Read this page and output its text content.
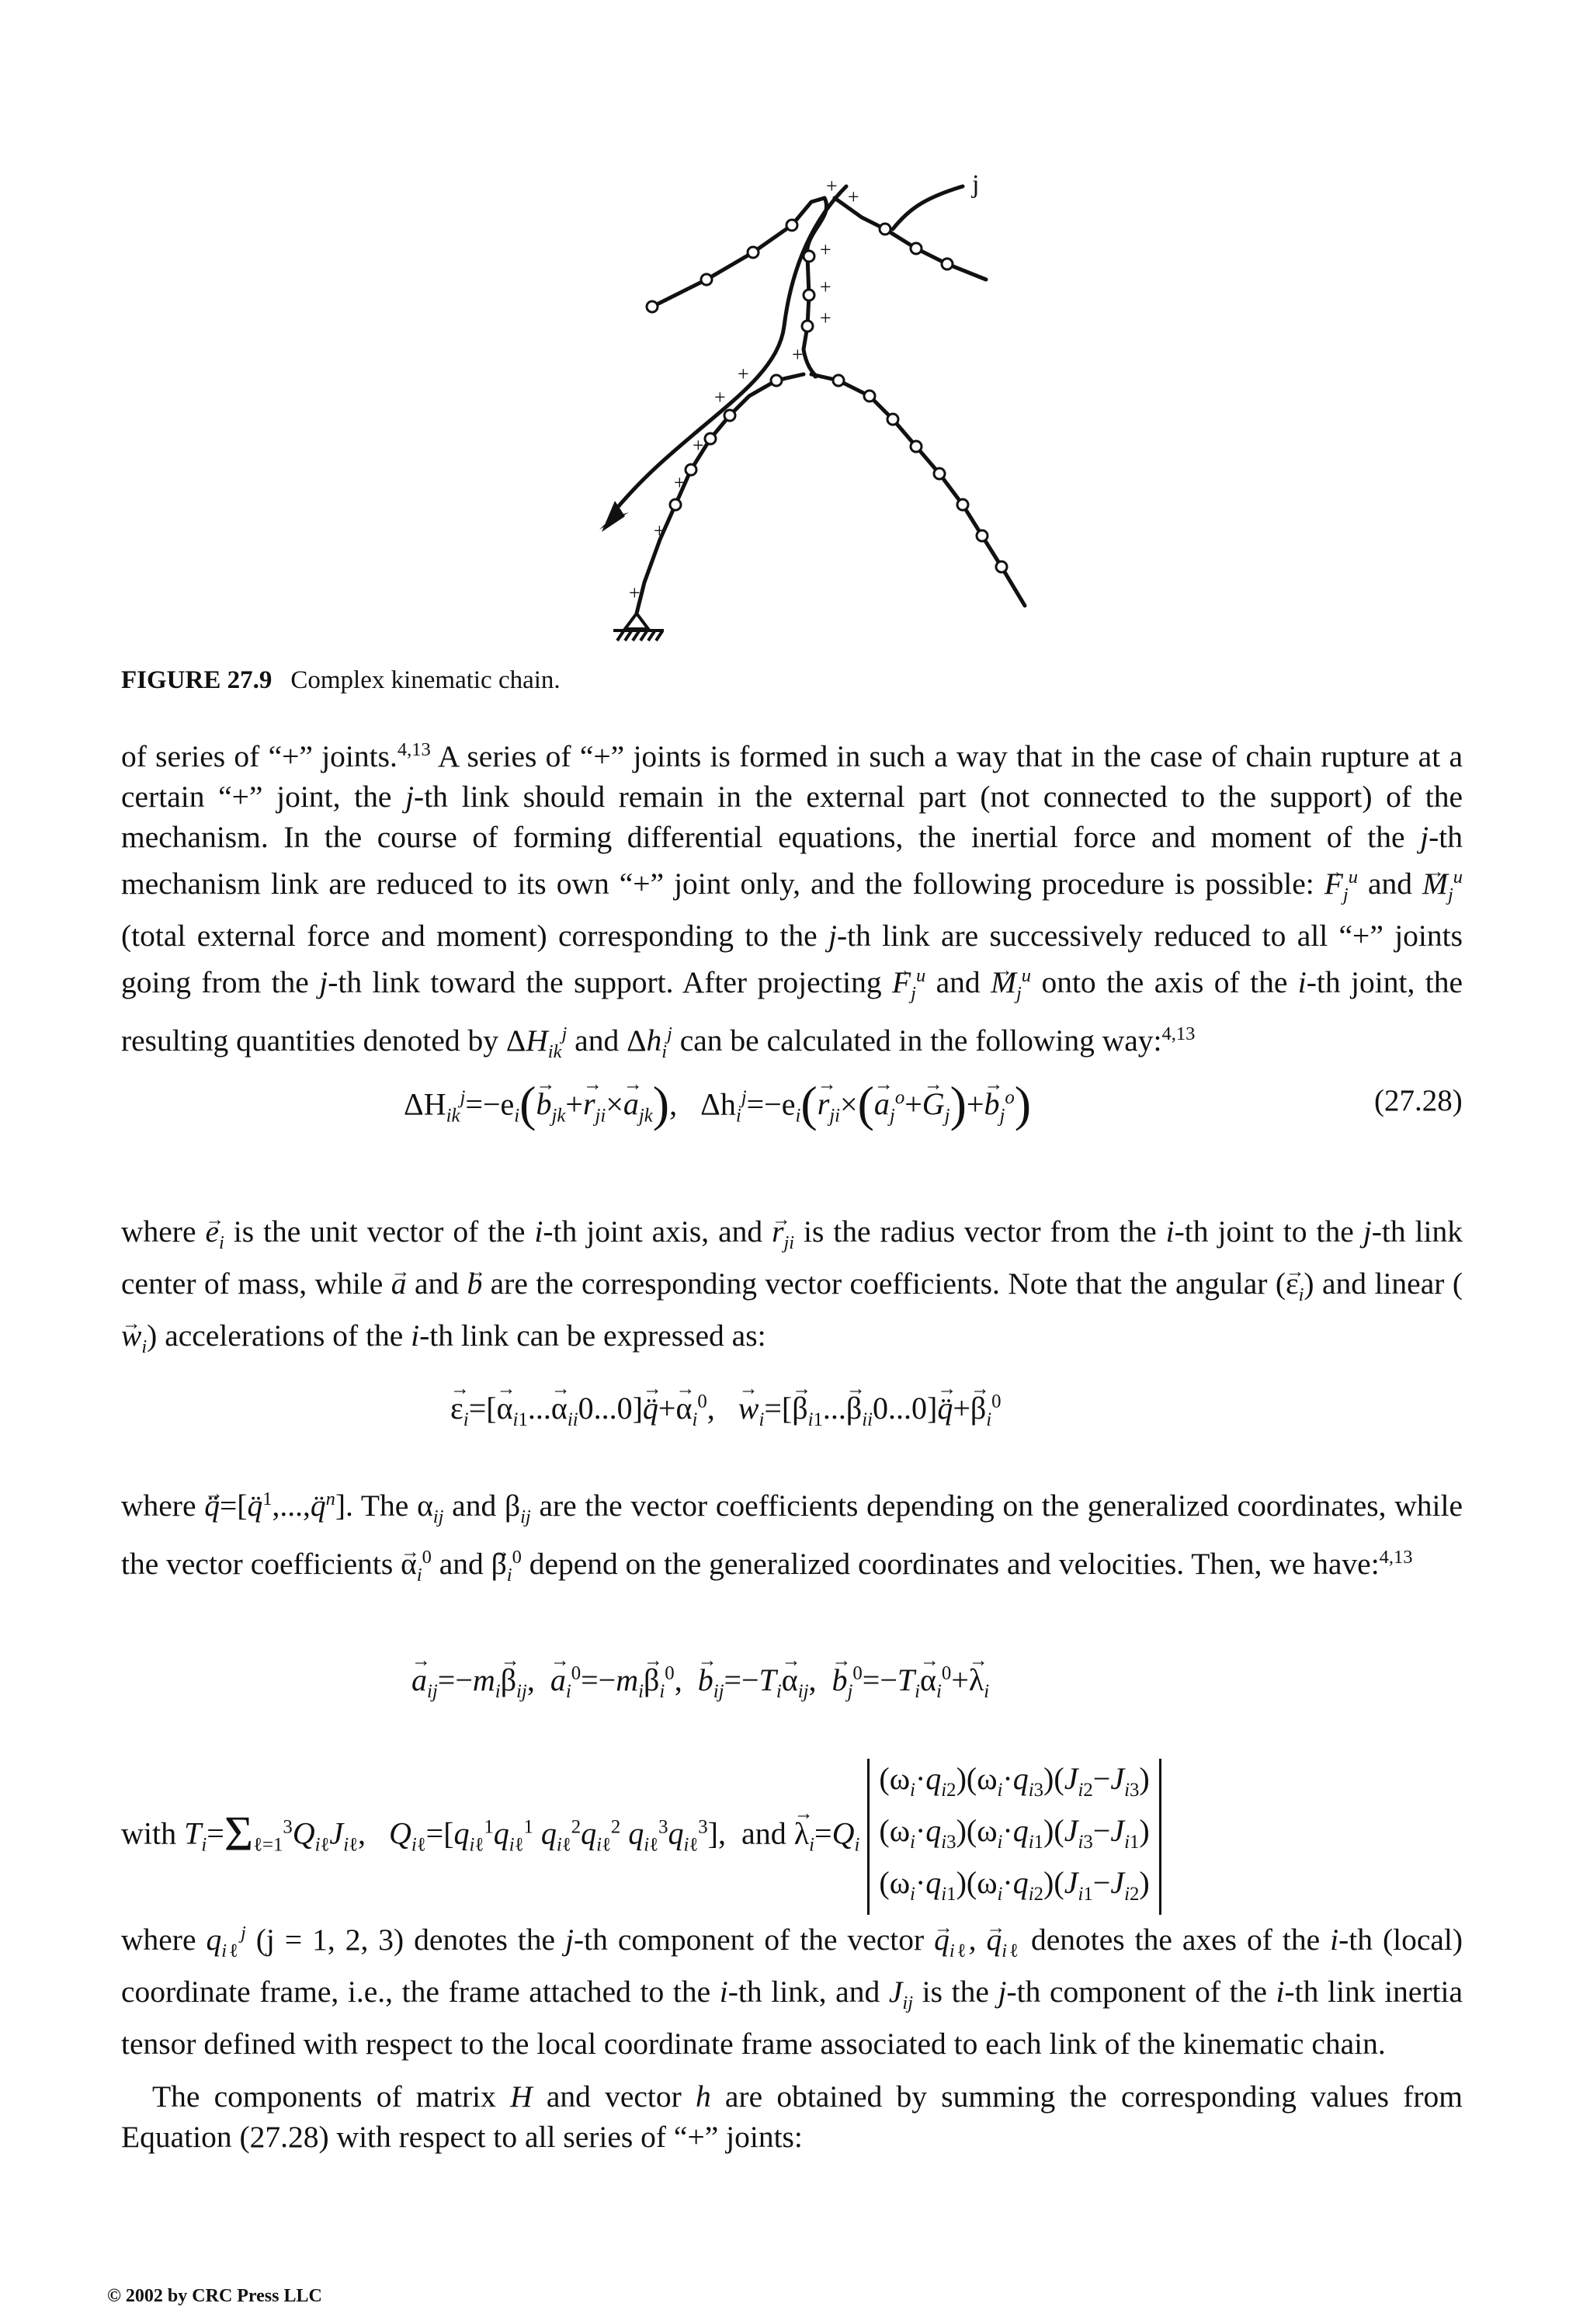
+ +
+
+
+
+
+
+
+
+
+
+
j
FIGURE 27.9 Complex kinematic chain.

of series of “+” joints.$^{4,13}$ A series of “+” joints is formed in such a way that in the case of chain rupture at a certain “+” joint, the j-th link should remain in the external part (not connected to the support) of the mechanism. In the course of forming differential equations, the inertial force and moment of the j-th mechanism link are reduced to its own “+” joint only, and the following procedure is possible: → $F_j^u$ and → $M_j^u$ (total external force and moment) corresponding to the j-th link are successively reduced to all “+” joints going from the j-th link toward the support. After projecting → $F_j^u$ and → $M_j^u$ onto the axis of the i-th joint, the resulting quantities denoted by $\Delta H_{ik}^j$ and $\Delta h_i^j$ can be calculated in the following way:$^{4,13}$

$\Delta H_{ik}^j=-e_i(\to b_{jk}+\to r_{ji}\times\to a_{jk})$,   $\Delta h_i^j=-e_i(\to r_{ji}\times(\to a_j^o+\to G_j)+\to b_j^o)$	(27.28)

where → $e_i$ is the unit vector of the i-th joint axis, and → $r_{ji}$ is the radius vector from the i-th joint to the j-th link center of mass, while → a and → b are the corresponding vector coefficients. Note that the angular (→ $\varepsilon_i$) and linear (→ $w_i$) accelerations of the i-th link can be expressed as:

→ $\varepsilon_i=[\to \alpha_{i1}...\to \alpha_{ii}0...0]\to$ q̈+→ $\alpha_i^0$,   → $w_i=[\to \beta_{i1}...\to \beta_{ii}0...0]\to$ q̈+→ $\beta_i^0$

where → q̈=[q̈$^1$,...,q̈$^n$]. The $\alpha_{ij}$ and $\beta_{ij}$ are the vector coefficients depending on the generalized coordinates, while the vector coefficients → $\alpha_i^0$ and → $\beta_i^0$ depend on the generalized coordinates and velocities. Then, we have:$^{4,13}$

→ $a_{ij}=-m_i\to \beta_{ij}$,  → $a_i^0=-m_i\to \beta_i^0$,  → $b_{ij}=-T_i\to \alpha_{ij}$,  → $b_j^0=-T_i\to \alpha_i^0+\to \lambda_i$
with $T_i=\Sigma_{\ell=1}^3Q_{i\ell}J_{i\ell}$,   $Q_{i\ell}=[q_{i\ell}^1q_{i\ell}^1$ $q_{i\ell}^2q_{i\ell}^2$ $q_{i\ell}^3q_{i\ell}^3$],  and → $\lambda_i=Q_i$ $(\omega_i\cdot q_{i2})(\omega_i\cdot q_{i3})(J_{i2}-J_{i3})$
$(\omega_i\cdot q_{i3})(\omega_i\cdot q_{i1})(J_{i3}-J_{i1})$
$(\omega_i\cdot q_{i1})(\omega_i\cdot q_{i2})(J_{i1}-J_{i2})$

where $q_{i\ell}^j$ (j = 1, 2, 3) denotes the j-th component of the vector → $q_{i\ell}$, → $q_{i\ell}$ denotes the axes of the i-th (local) coordinate frame, i.e., the frame attached to the i-th link, and $J_{ij}$ is the j-th component of the i-th link inertia tensor defined with respect to the local coordinate frame associated to each link of the kinematic chain.

The components of matrix H and vector h are obtained by summing the corresponding values from Equation (27.28) with respect to all series of “+” joints:

© 2002 by CRC Press LLC
